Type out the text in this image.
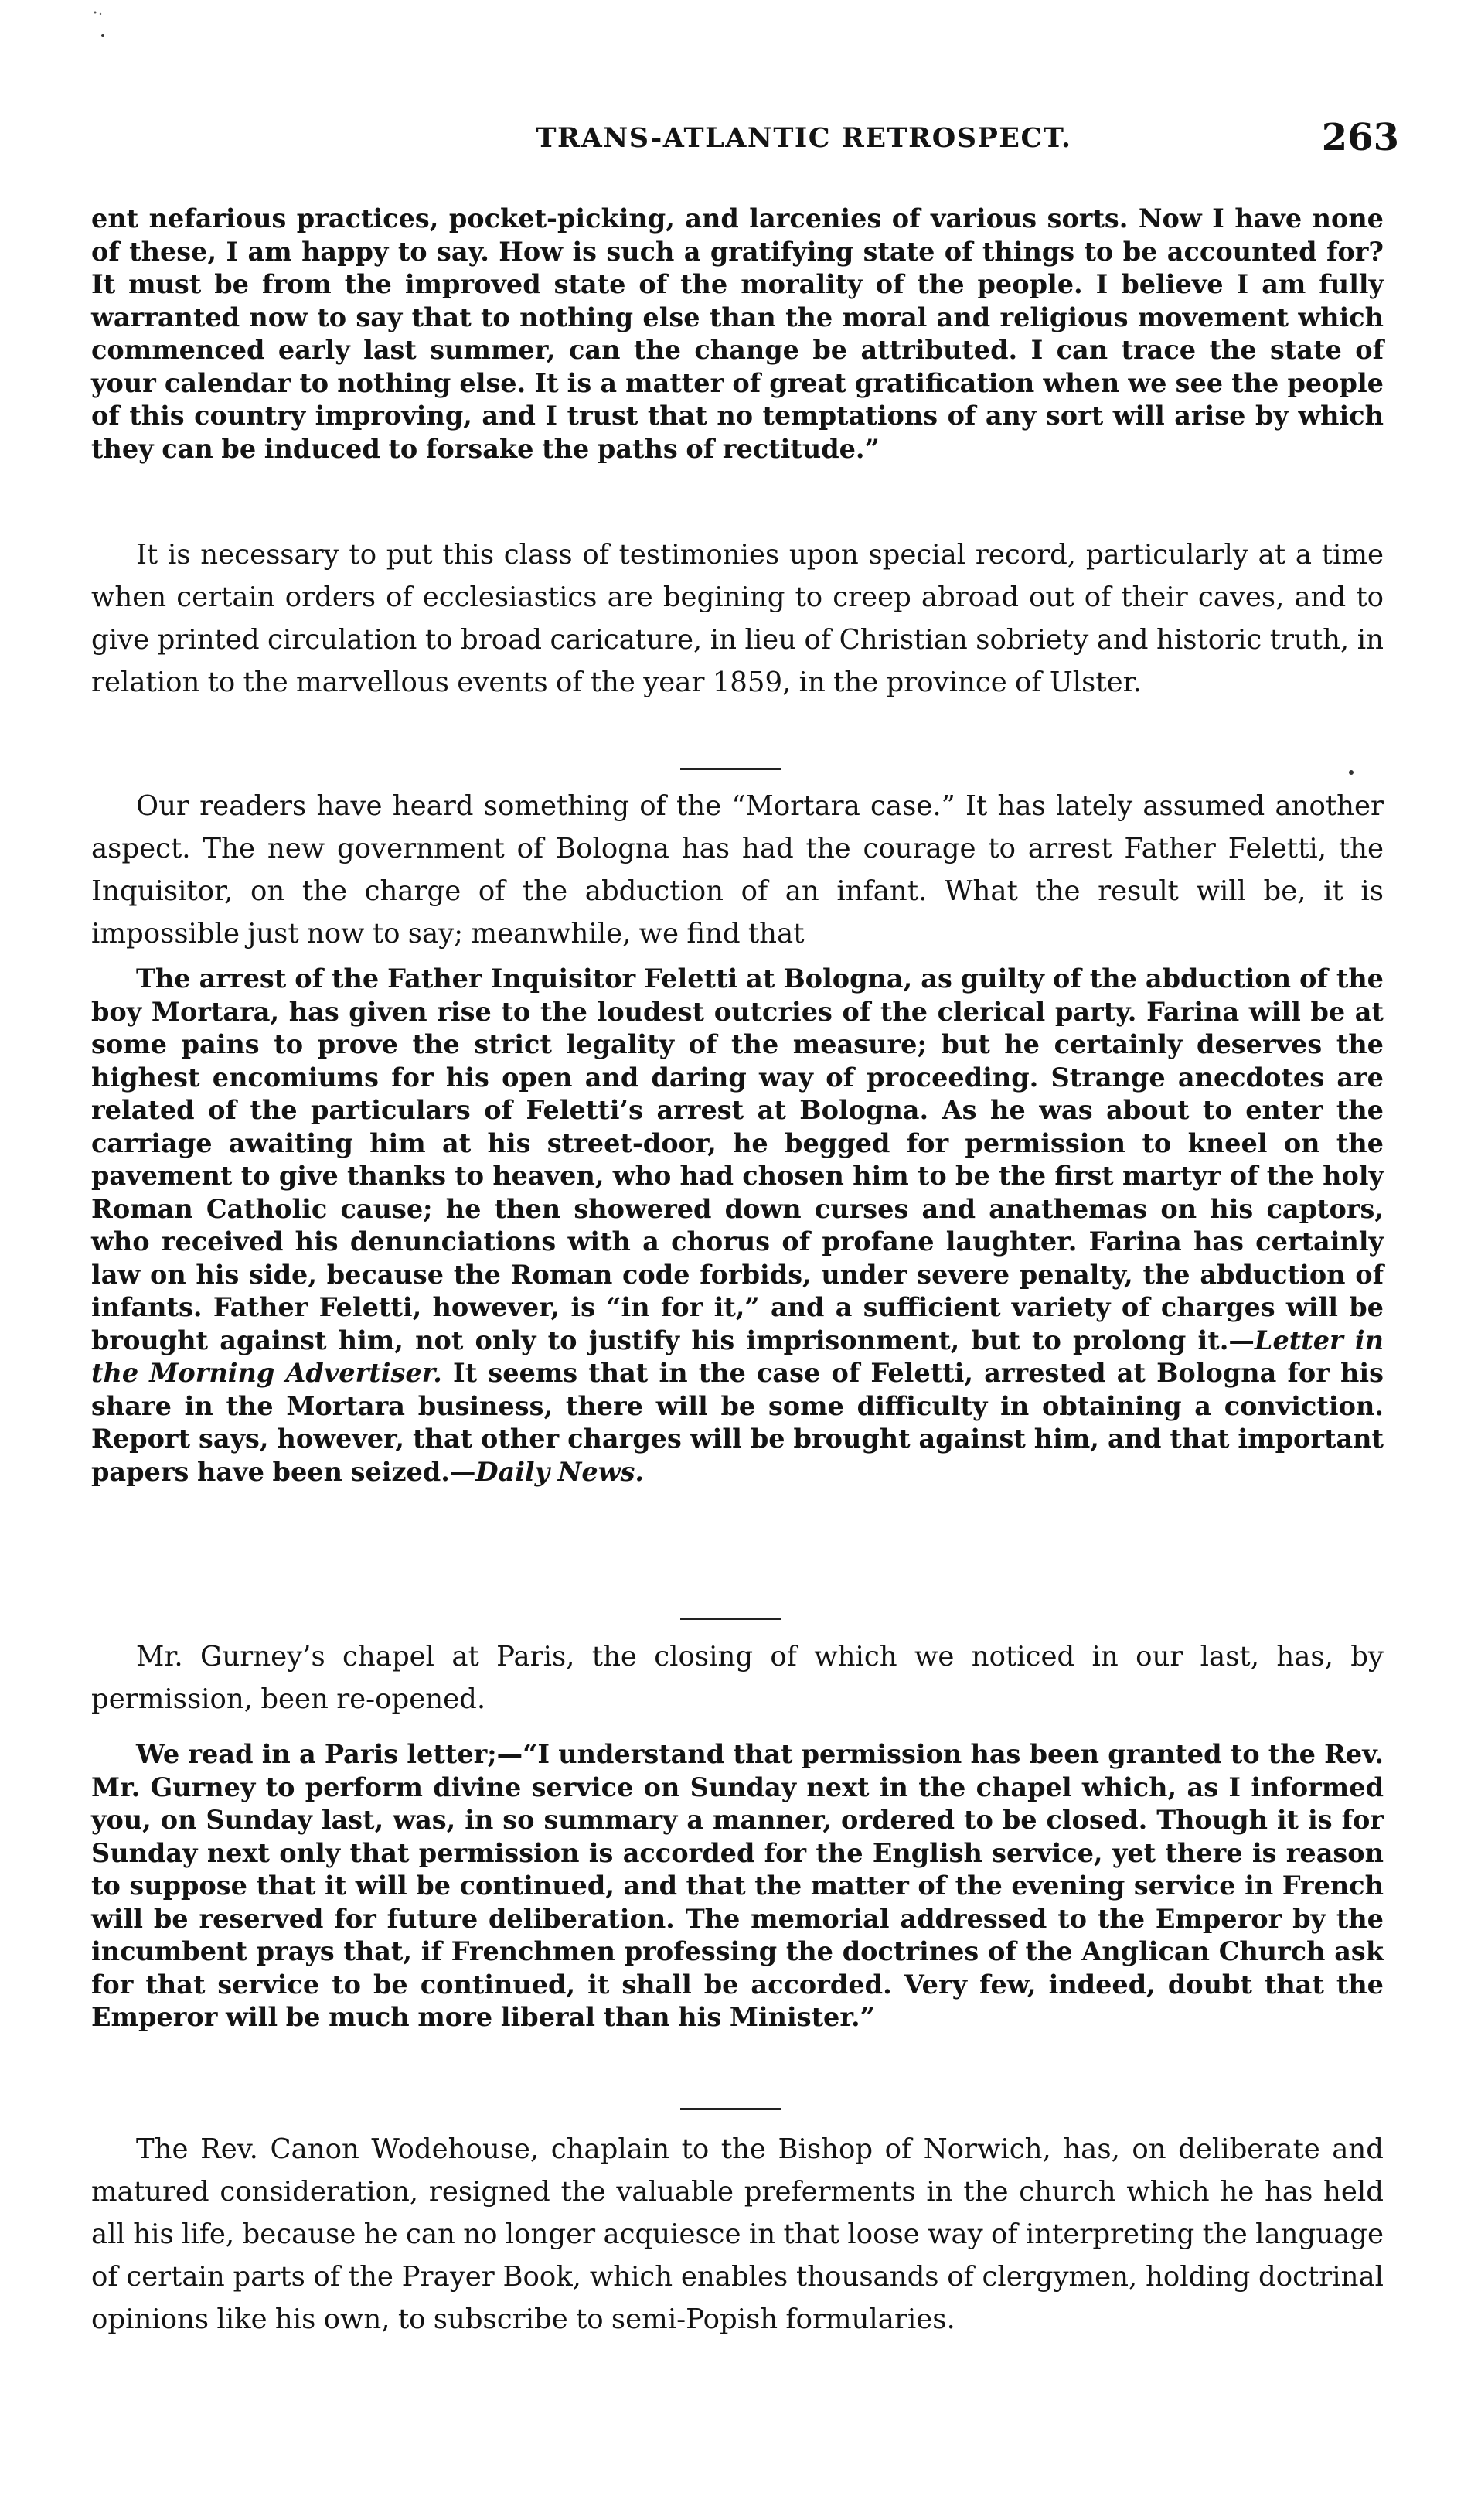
TRANS-ATLANTIC RETROSPECT.	263

ent nefarious practices, pocket-picking, and larcenies of various sorts. Now I have none of these, I am happy to say. How is such a gratifying state of things to be accounted for? It must be from the improved state of the morality of the people. I believe I am fully warranted now to say that to nothing else than the moral and religious movement which commenced early last summer, can the change be attributed. I can trace the state of your calendar to nothing else. It is a matter of great gratification when we see the people of this country improving, and I trust that no temptations of any sort will arise by which they can be induced to forsake the paths of rectitude.”

It is necessary to put this class of testimonies upon special record, particularly at a time when certain orders of ecclesiastics are begining to creep abroad out of their caves, and to give printed circulation to broad caricature, in lieu of Christian sobriety and historic truth, in relation to the marvellous events of the year 1859, in the province of Ulster.

Our readers have heard something of the “Mortara case.” It has lately assumed another aspect. The new government of Bologna has had the courage to arrest Father Feletti, the Inquisitor, on the charge of the abduction of an infant. What the result will be, it is impossible just now to say; meanwhile, we find that

The arrest of the Father Inquisitor Feletti at Bologna, as guilty of the abduction of the boy Mortara, has given rise to the loudest outcries of the clerical party. Farina will be at some pains to prove the strict legality of the measure; but he certainly deserves the highest encomiums for his open and daring way of proceeding. Strange anecdotes are related of the particulars of Feletti’s arrest at Bologna. As he was about to enter the carriage awaiting him at his street-door, he begged for permission to kneel on the pavement to give thanks to heaven, who had chosen him to be the first martyr of the holy Roman Catholic cause; he then showered down curses and anathemas on his captors, who received his denunciations with a chorus of profane laughter. Farina has certainly law on his side, because the Roman code forbids, under severe penalty, the abduction of infants. Father Feletti, however, is “in for it,” and a sufficient variety of charges will be brought against him, not only to justify his imprisonment, but to prolong it.—Letter in the Morning Advertiser. It seems that in the case of Feletti, arrested at Bologna for his share in the Mortara business, there will be some difficulty in obtaining a conviction. Report says, however, that other charges will be brought against him, and that important papers have been seized.—Daily News.

Mr. Gurney’s chapel at Paris, the closing of which we noticed in our last, has, by permission, been re-opened.

We read in a Paris letter;—“I understand that permission has been granted to the Rev. Mr. Gurney to perform divine service on Sunday next in the chapel which, as I informed you, on Sunday last, was, in so summary a manner, ordered to be closed. Though it is for Sunday next only that permission is accorded for the English service, yet there is reason to suppose that it will be continued, and that the matter of the evening service in French will be reserved for future deliberation. The memorial addressed to the Emperor by the incumbent prays that, if Frenchmen professing the doctrines of the Anglican Church ask for that service to be continued, it shall be accorded. Very few, indeed, doubt that the Emperor will be much more liberal than his Minister.”

The Rev. Canon Wodehouse, chaplain to the Bishop of Norwich, has, on deliberate and matured consideration, resigned the valuable preferments in the church which he has held all his life, because he can no longer acquiesce in that loose way of interpreting the language of certain parts of the Prayer Book, which enables thousands of clergymen, holding doctrinal opinions like his own, to subscribe to semi-Popish formularies.
